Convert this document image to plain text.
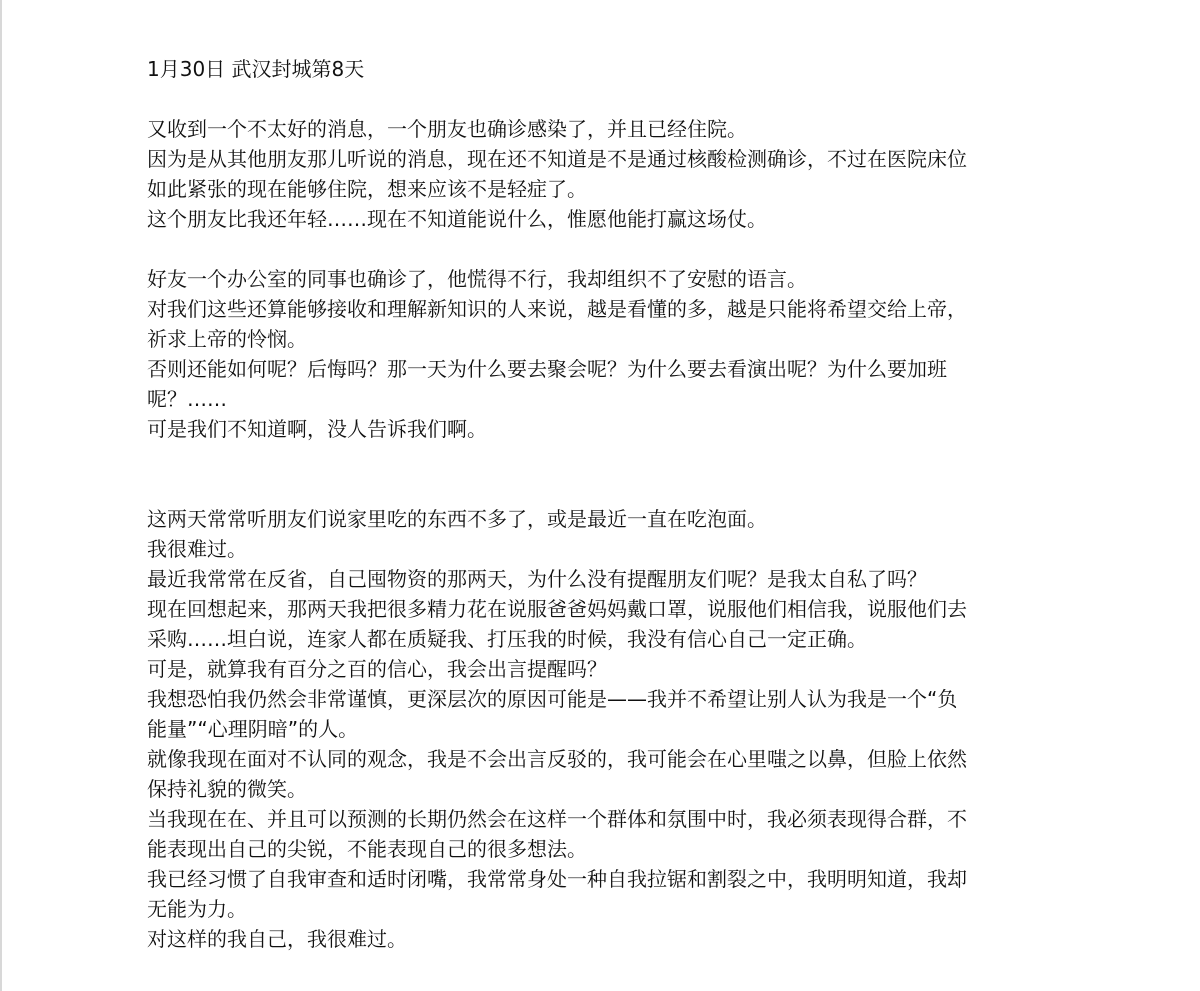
1月30日 武汉封城第8天

又收到一个不太好的消息，一个朋友也确诊感染了，并且已经住院。

因为是从其他朋友那儿听说的消息，现在还不知道是不是通过核酸检测确诊，不过在医院床位

如此紧张的现在能够住院，想来应该不是轻症了。

这个朋友比我还年轻……现在不知道能说什么，惟愿他能打赢这场仗。

好友一个办公室的同事也确诊了，他慌得不行，我却组织不了安慰的语言。

对我们这些还算能够接收和理解新知识的人来说，越是看懂的多，越是只能将希望交给上帝，

祈求上帝的怜悯。

否则还能如何呢？后悔吗？那一天为什么要去聚会呢？为什么要去看演出呢？为什么要加班

呢？……

可是我们不知道啊，没人告诉我们啊。

这两天常常听朋友们说家里吃的东西不多了，或是最近一直在吃泡面。

我很难过。

最近我常常在反省，自己囤物资的那两天，为什么没有提醒朋友们呢？是我太自私了吗？

现在回想起来，那两天我把很多精力花在说服爸爸妈妈戴口罩，说服他们相信我，说服他们去

采购……坦白说，连家人都在质疑我、打压我的时候，我没有信心自己一定正确。

可是，就算我有百分之百的信心，我会出言提醒吗？

我想恐怕我仍然会非常谨慎，更深层次的原因可能是——我并不希望让别人认为我是一个“负

能量”“心理阴暗”的人。

就像我现在面对不认同的观念，我是不会出言反驳的，我可能会在心里嗤之以鼻，但脸上依然

保持礼貌的微笑。

当我现在在、并且可以预测的长期仍然会在这样一个群体和氛围中时，我必须表现得合群，不

能表现出自己的尖锐，不能表现自己的很多想法。

我已经习惯了自我审查和适时闭嘴，我常常身处一种自我拉锯和割裂之中，我明明知道，我却

无能为力。

对这样的我自己，我很难过。
